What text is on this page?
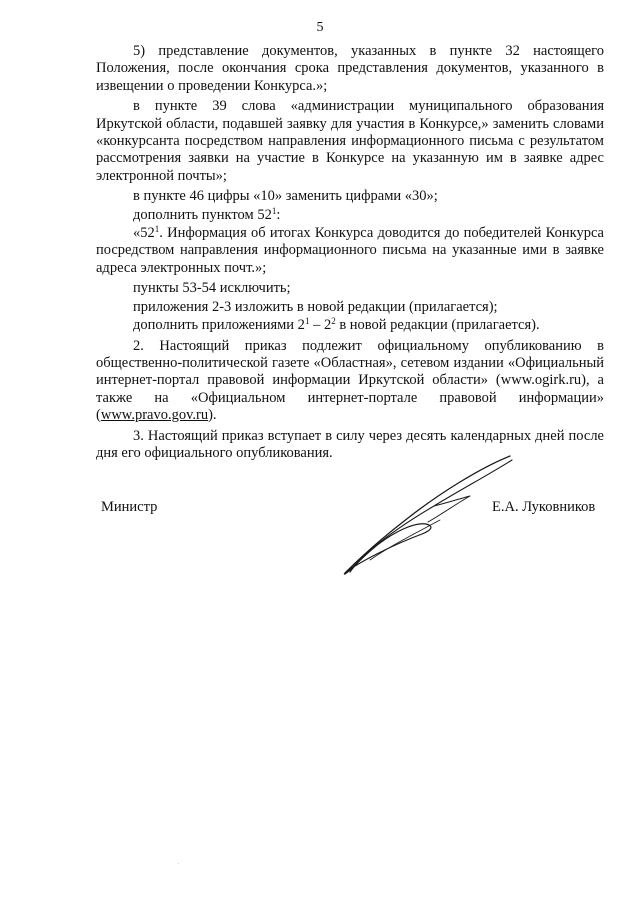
5

5) представление документов, указанных в пункте 32 настоящего Положения, после окончания срока представления документов, указанного в извещении о проведении Конкурса.»;

в пункте 39 слова «администрации муниципального образования Иркутской области, подавшей заявку для участия в Конкурсе,» заменить словами «конкурсанта посредством направления информационного письма с результатом рассмотрения заявки на участие в Конкурсе на указанную им в заявке адрес электронной почты»;

в пункте 46 цифры «10» заменить цифрами «30»;

дополнить пунктом $52^1$:

«$52^1$. Информация об итогах Конкурса доводится до победителей Конкурса посредством направления информационного письма на указанные ими в заявке адреса электронных почт.»;

пункты 53-54 исключить;

приложения 2-3 изложить в новой редакции (прилагается);

дополнить приложениями $2^1 - 2^2$ в новой редакции (прилагается).

2. Настоящий приказ подлежит официальному опубликованию в общественно-политической газете «Областная», сетевом издании «Официальный интернет-портал правовой информации Иркутской области» (www.ogirk.ru), а также на «Официальном интернет-портале правовой информации» (www.pravo.gov.ru).

3. Настоящий приказ вступает в силу через десять календарных дней после дня его официального опубликования.

Министр	Е.А. Луковников
